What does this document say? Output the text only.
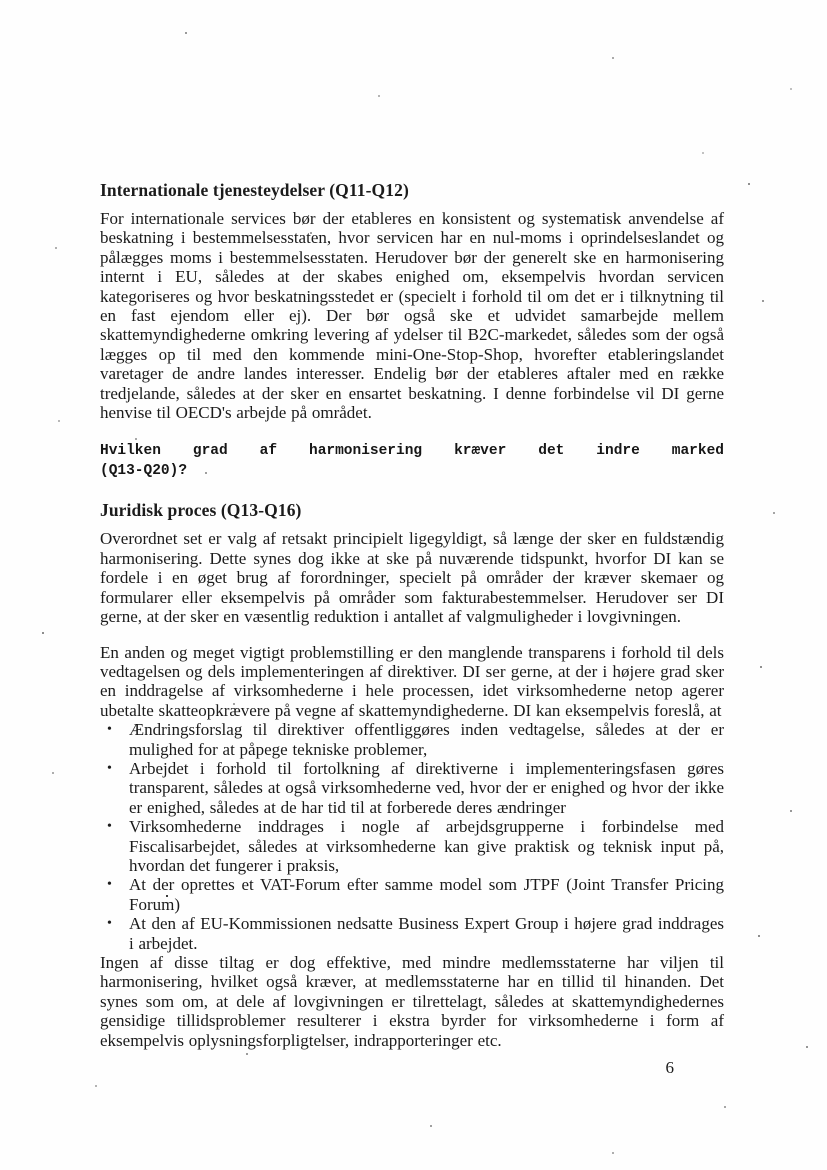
Internationale tjenesteydelser (Q11-Q12)

For internationale services bør der etableres en konsistent og systematisk anvendelse af beskatning i bestemmelsesstaten, hvor servicen har en nul-moms i oprindelseslandet og pålægges moms i bestemmelsesstaten. Herudover bør der generelt ske en harmonisering internt i EU, således at der skabes enighed om, eksempelvis hvordan servicen kategoriseres og hvor beskatningsstedet er (specielt i forhold til om det er i tilknytning til en fast ejendom eller ej). Der bør også ske et udvidet samarbejde mellem skattemyndighederne omkring levering af ydelser til B2C-markedet, således som der også lægges op til med den kommende mini-One-Stop-Shop, hvorefter etableringslandet varetager de andre landes interesser. Endelig bør der etableres aftaler med en række tredjelande, således at der sker en ensartet beskatning. I denne forbindelse vil DI gerne henvise til OECD's arbejde på området.

Hvilken grad af harmonisering kræver det indre marked
(Q13-Q20)?
Juridisk proces (Q13-Q16)

Overordnet set er valg af retsakt principielt ligegyldigt, så længe der sker en fuldstændig harmonisering. Dette synes dog ikke at ske på nuværende tidspunkt, hvorfor DI kan se fordele i en øget brug af forordninger, specielt på områder der kræver skemaer og formularer eller eksempelvis på områder som fakturabestemmelser. Herudover ser DI gerne, at der sker en væsentlig reduktion i antallet af valgmuligheder i lovgivningen.

En anden og meget vigtigt problemstilling er den manglende transparens i forhold til dels vedtagelsen og dels implementeringen af direktiver. DI ser gerne, at der i højere grad sker en inddragelse af virksomhederne i hele processen, idet virksomhederne netop agerer ubetalte skatteopkrævere på vegne af skattemyndighederne. DI kan eksempelvis foreslå, at

• Ændringsforslag til direktiver offentliggøres inden vedtagelse, således at der er mulighed for at påpege tekniske problemer,
• Arbejdet i forhold til fortolkning af direktiverne i implementeringsfasen gøres transparent, således at også virksomhederne ved, hvor der er enighed og hvor der ikke er enighed, således at de har tid til at forberede deres ændringer
• Virksomhederne inddrages i nogle af arbejdsgrupperne i forbindelse med Fiscalisarbejdet, således at virksomhederne kan give praktisk og teknisk input på, hvordan det fungerer i praksis,
• At der oprettes et VAT-Forum efter samme model som JTPF (Joint Transfer Pricing Forum)
• At den af EU-Kommissionen nedsatte Business Expert Group i højere grad inddrages i arbejdet.

Ingen af disse tiltag er dog effektive, med mindre medlemsstaterne har viljen til harmonisering, hvilket også kræver, at medlemsstaterne har en tillid til hinanden. Det synes som om, at dele af lovgivningen er tilrettelagt, således at skattemyndighedernes gensidige tillidsproblemer resulterer i ekstra byrder for virksomhederne i form af eksempelvis oplysningsforpligtelser, indrapporteringer etc.

6
